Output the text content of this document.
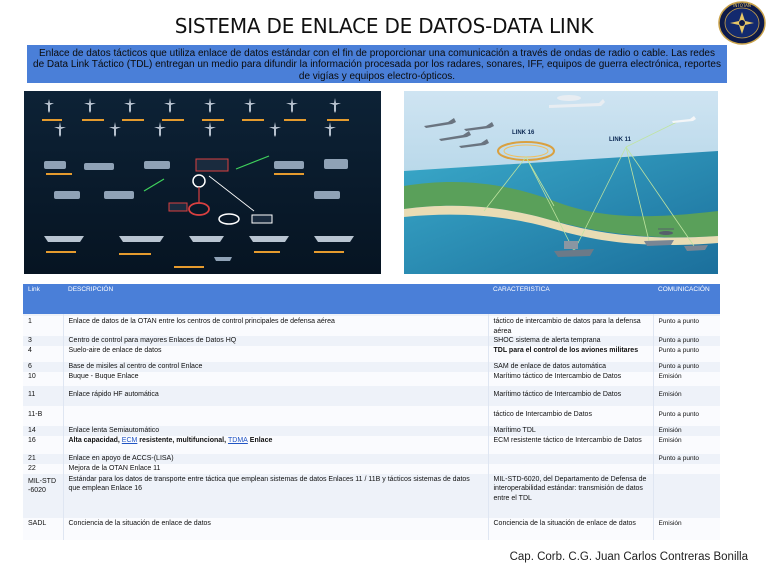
SISTEMA DE ENLACE DE DATOS-DATA LINK
INTOTAN
Enlace de datos tácticos que utiliza enlace de datos estándar con el fin de proporcionar una comunicación a través de ondas de radio o cable. Las redes de Data Link Táctico (TDL) entregan un medio para difundir la información procesada por los radares, sonares, IFF, equipos de guerra electrónica, reportes de vigías y equipos electro-ópticos.
LINK 16
LINK 11
Link	DESCRIPCIÓN	CARACTERISTICA	COMUNICACIÓN

1	Enlace de datos de la OTAN entre los centros de control principales de defensa aérea	táctico de intercambio de datos para la defensa aérea	Punto a punto
3	Centro de control para mayores Enlaces de Datos HQ	SHOC sistema de alerta temprana	Punto a punto
4	Suelo-aire de enlace de datos	TDL para el control de los aviones militares	Punto a punto
6	Base de misiles al centro de control Enlace	SAM de enlace de datos automática	Punto a punto
10	Buque - Buque Enlace	Marítimo táctico de Intercambio de Datos	Emisión
11	Enlace rápido HF automática	Marítimo táctico de Intercambio de Datos	Emisión
11-B		táctico de Intercambio de Datos	Punto a punto
14	Enlace lenta Semiautomático	Marítimo TDL	Emisión
16	Alta capacidad, ECM resistente, multifuncional, TDMA Enlace	ECM resistente táctico de Intercambio de Datos	Emisión
21	Enlace en apoyo de ACCS-(LISA)		Punto a punto
22	Mejora de la OTAN Enlace 11		
MIL-STD-6020	Estándar para los datos de transporte entre táctica que emplean sistemas de datos Enlaces 11 / 11B y tácticos sistemas de datos que emplean Enlace 16	MIL-STD-6020, del Departamento de Defensa de interoperabilidad estándar: transmisión de datos entre el TDL	
SADL	Conciencia de la situación de enlace de datos	Conciencia de la situación de enlace de datos	Emisión
Cap. Corb. C.G. Juan Carlos Contreras Bonilla
